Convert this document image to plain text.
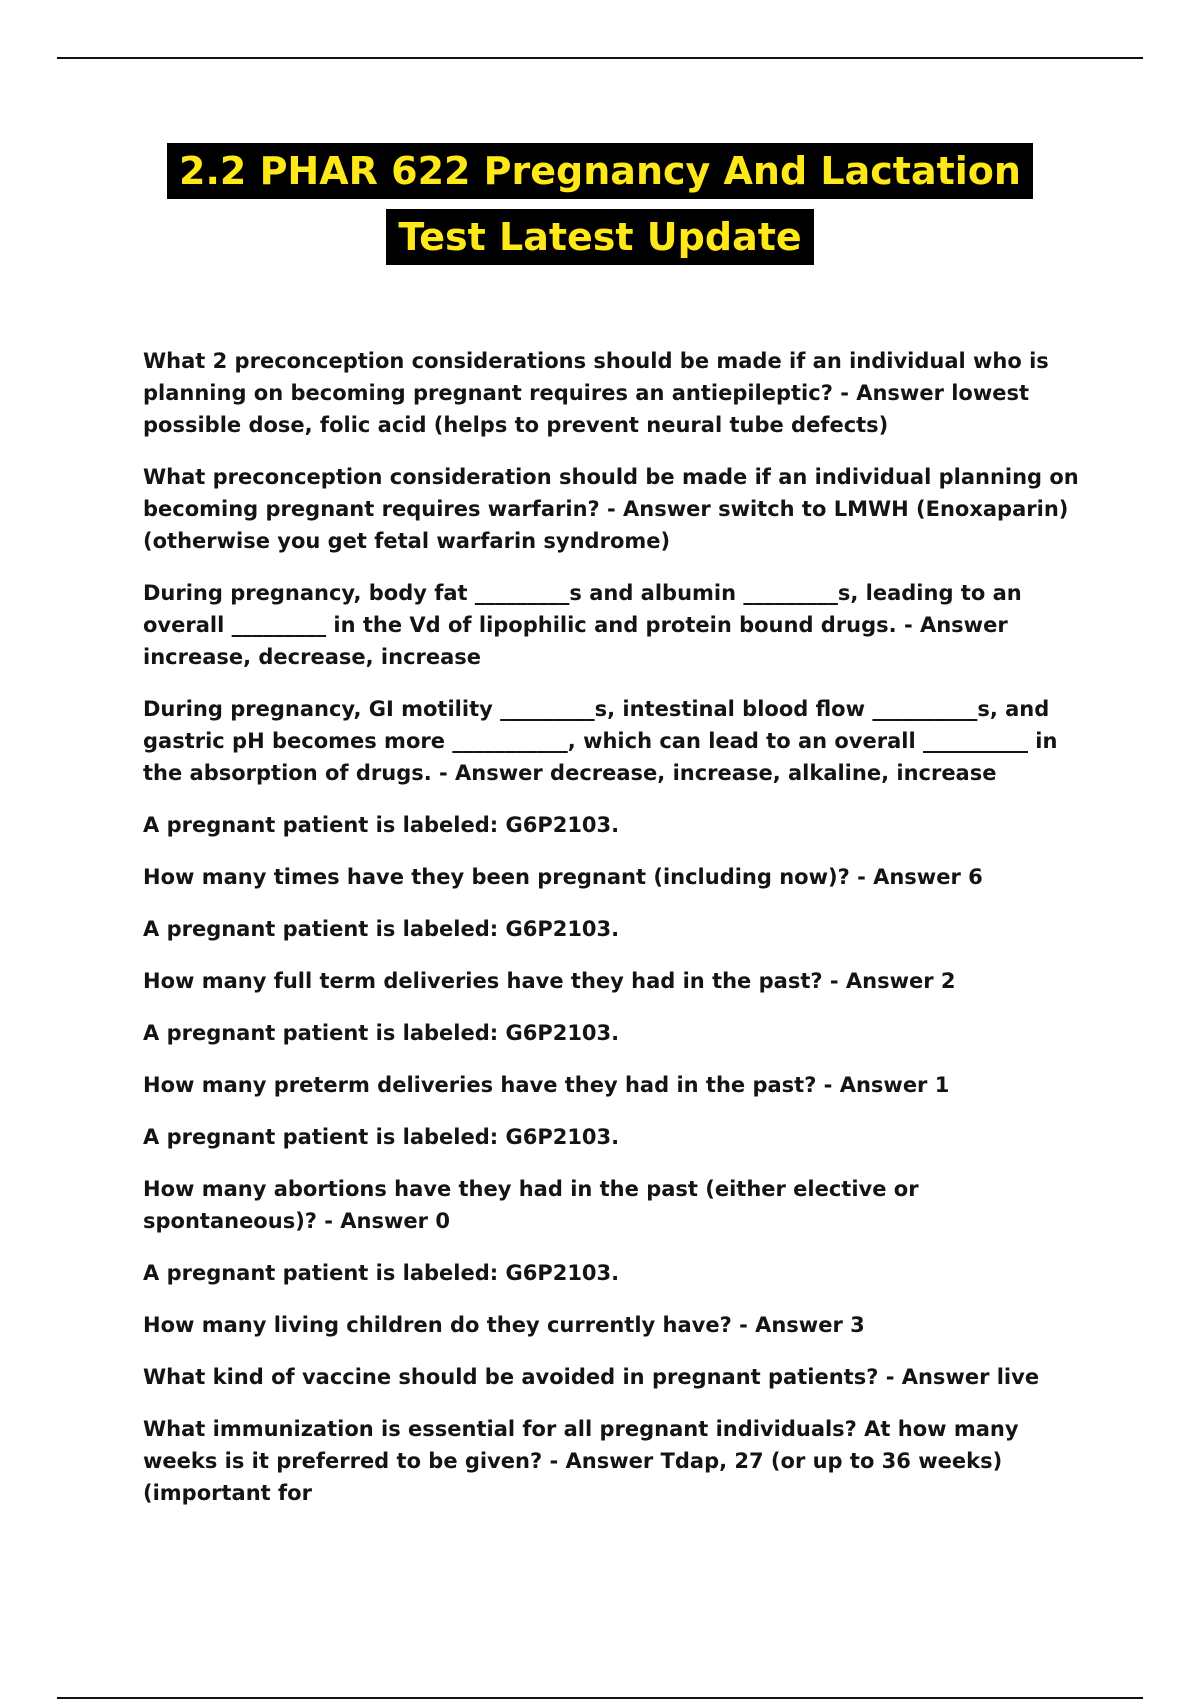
2.2 PHAR 622 Pregnancy And Lactation
Test Latest Update

What 2 preconception considerations should be made if an individual who is planning on becoming pregnant requires an antiepileptic? - Answer lowest possible dose, folic acid (helps to prevent neural tube defects)

What preconception consideration should be made if an individual planning on becoming pregnant requires warfarin? - Answer switch to LMWH (Enoxaparin) (otherwise you get fetal warfarin syndrome)

During pregnancy, body fat _________s and albumin _________s, leading to an overall _________ in the Vd of lipophilic and protein bound drugs. - Answer increase, decrease, increase

During pregnancy, GI motility _________s, intestinal blood flow __________s, and gastric pH becomes more ___________, which can lead to an overall __________ in the absorption of drugs. - Answer decrease, increase, alkaline, increase

A pregnant patient is labeled: G6P2103.

How many times have they been pregnant (including now)? - Answer 6

A pregnant patient is labeled: G6P2103.

How many full term deliveries have they had in the past? - Answer 2

A pregnant patient is labeled: G6P2103.

How many preterm deliveries have they had in the past? - Answer 1

A pregnant patient is labeled: G6P2103.

How many abortions have they had in the past (either elective or spontaneous)? - Answer 0

A pregnant patient is labeled: G6P2103.

How many living children do they currently have? - Answer 3

What kind of vaccine should be avoided in pregnant patients? - Answer live

What immunization is essential for all pregnant individuals? At how many weeks is it preferred to be given? - Answer Tdap, 27 (or up to 36 weeks) (important for
